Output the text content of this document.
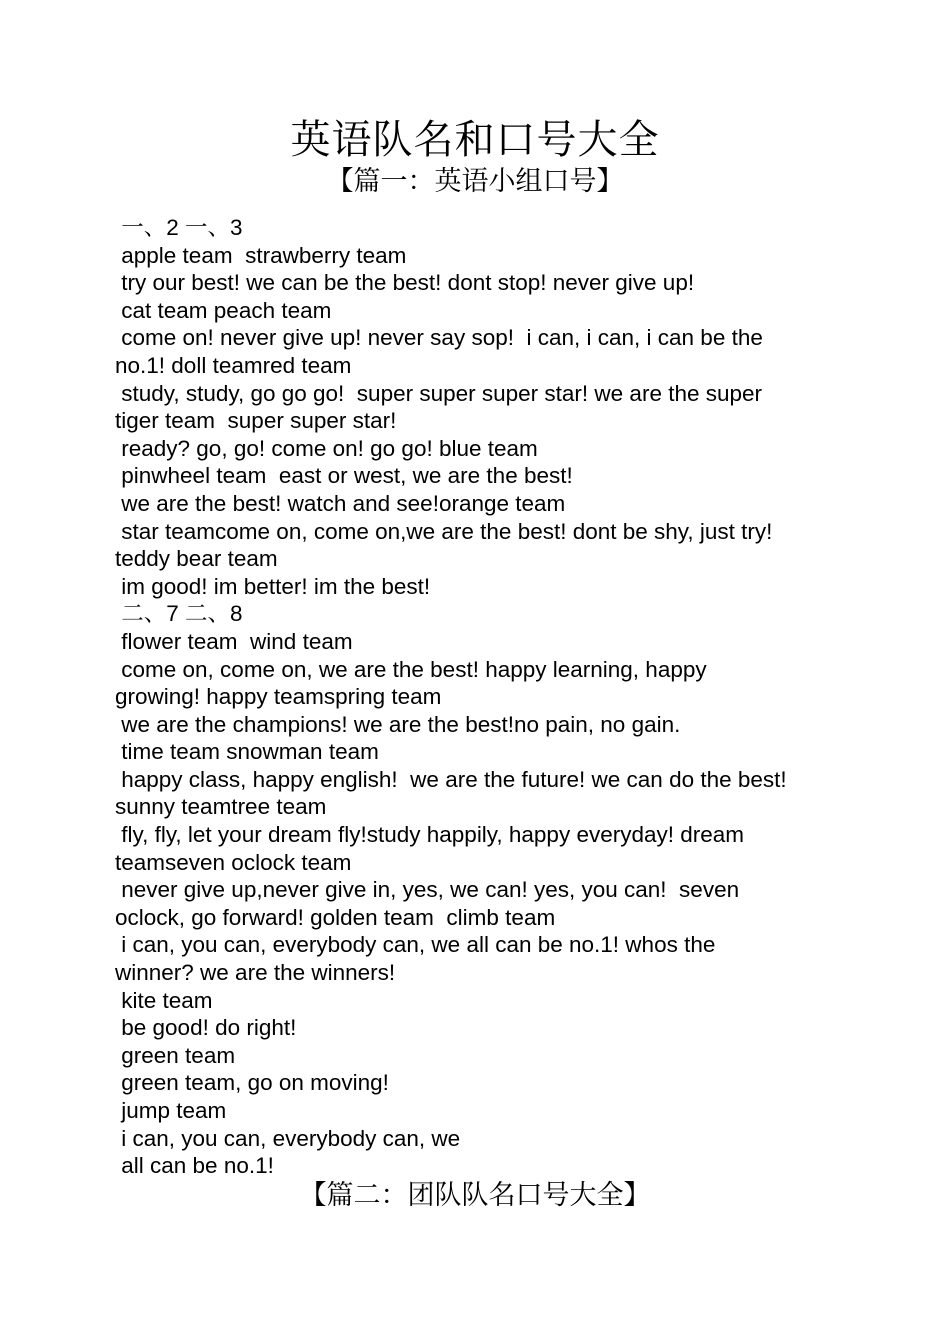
英语队名和口号大全
【篇一：英语小组口号】
一、2 一、3
apple team  strawberry team
try our best! we can be the best! dont stop! never give up!
cat team peach team
come on! never give up! never say sop!  i can, i can, i can be the
no.1! doll teamred team
study, study, go go go!  super super super star! we are the super
tiger team  super super star!
ready? go, go! come on! go go! blue team
pinwheel team  east or west, we are the best!
we are the best! watch and see!orange team
star teamcome on, come on,we are the best! dont be shy, just try!
teddy bear team
im good! im better! im the best!
二、7 二、8
flower team  wind team
come on, come on, we are the best! happy learning, happy
growing! happy teamspring team
we are the champions! we are the best!no pain, no gain.
time team snowman team
happy class, happy english!  we are the future! we can do the best!
sunny teamtree team
fly, fly, let your dream fly!study happily, happy everyday! dream
teamseven oclock team
never give up,never give in, yes, we can! yes, you can!  seven
oclock, go forward! golden team  climb team
i can, you can, everybody can, we all can be no.1! whos the
winner? we are the winners!
kite team
be good! do right!
green team
green team, go on moving!
jump team
i can, you can, everybody can, we
all can be no.1!
【篇二：团队队名口号大全】
